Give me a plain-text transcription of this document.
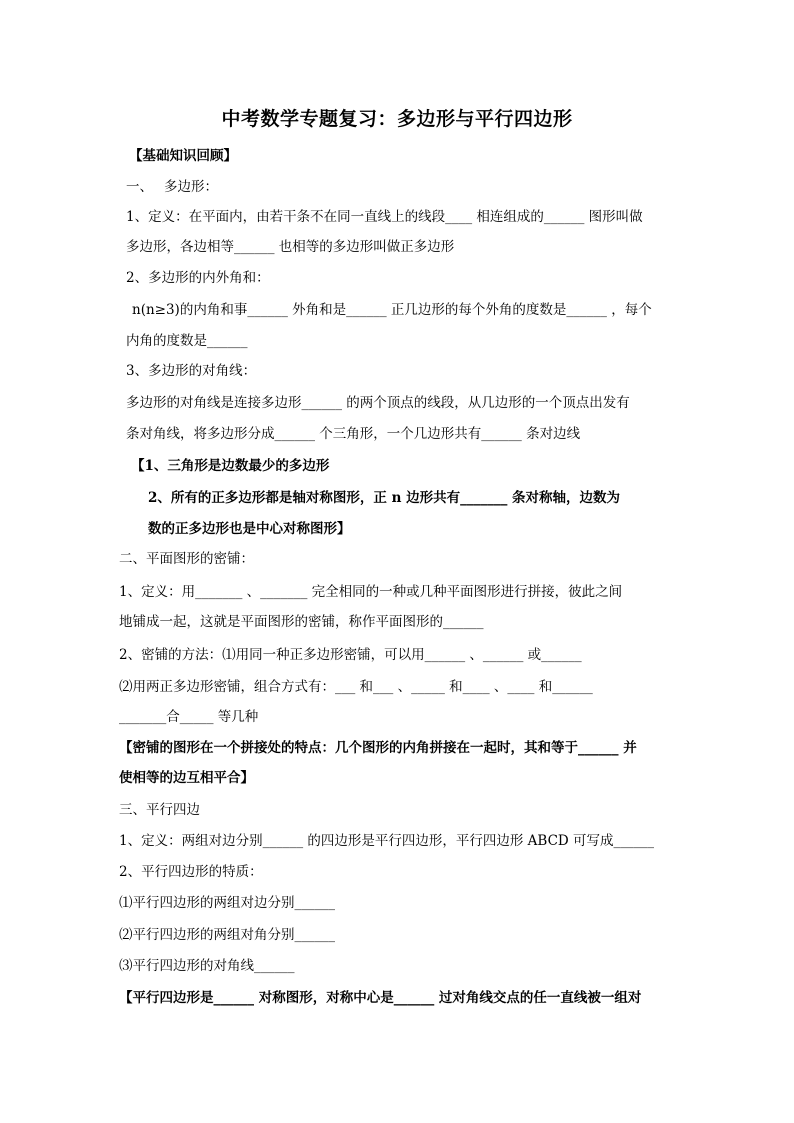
中考数学专题复习：多边形与平行四边形
【基础知识回顾】
一、　 多边形：
1、定义：在平面内，由若干条不在同一直线上的线段____ 相连组成的______ 图形叫做
多边形，各边相等______ 也相等的多边形叫做正多边形
2、多边形的内外角和：
n(n≥3)的内角和事______ 外角和是______ 正几边形的每个外角的度数是______ ，每个
内角的度数是______
3、多边形的对角线：
多边形的对角线是连接多边形______ 的两个顶点的线段，从几边形的一个顶点出发有
条对角线，将多边形分成______ 个三角形，一个几边形共有______ 条对边线
【1、三角形是边数最少的多边形
2、所有的正多边形都是轴对称图形，正 n 边形共有_______ 条对称轴，边数为
数的正多边形也是中心对称图形】
二、平面图形的密铺：
1、定义：用_______ 、_______ 完全相同的一种或几种平面图形进行拼接，彼此之间
地铺成一起，这就是平面图形的密铺，称作平面图形的______
2、密铺的方法：⑴用同一种正多边形密铺，可以用______ 、______ 或______
⑵用两正多边形密铺，组合方式有：___ 和___ 、_____ 和____ 、____ 和______
_______合_____ 等几种
【密铺的图形在一个拼接处的特点：几个图形的内角拼接在一起时，其和等于______ 并
使相等的边互相平合】
三、平行四边
1、定义：两组对边分别______ 的四边形是平行四边形，平行四边形 ABCD 可写成______
2、平行四边形的特质：
⑴平行四边形的两组对边分别______
⑵平行四边形的两组对角分别______
⑶平行四边形的对角线______
【平行四边形是______ 对称图形，对称中心是______ 过对角线交点的任一直线被一组对
